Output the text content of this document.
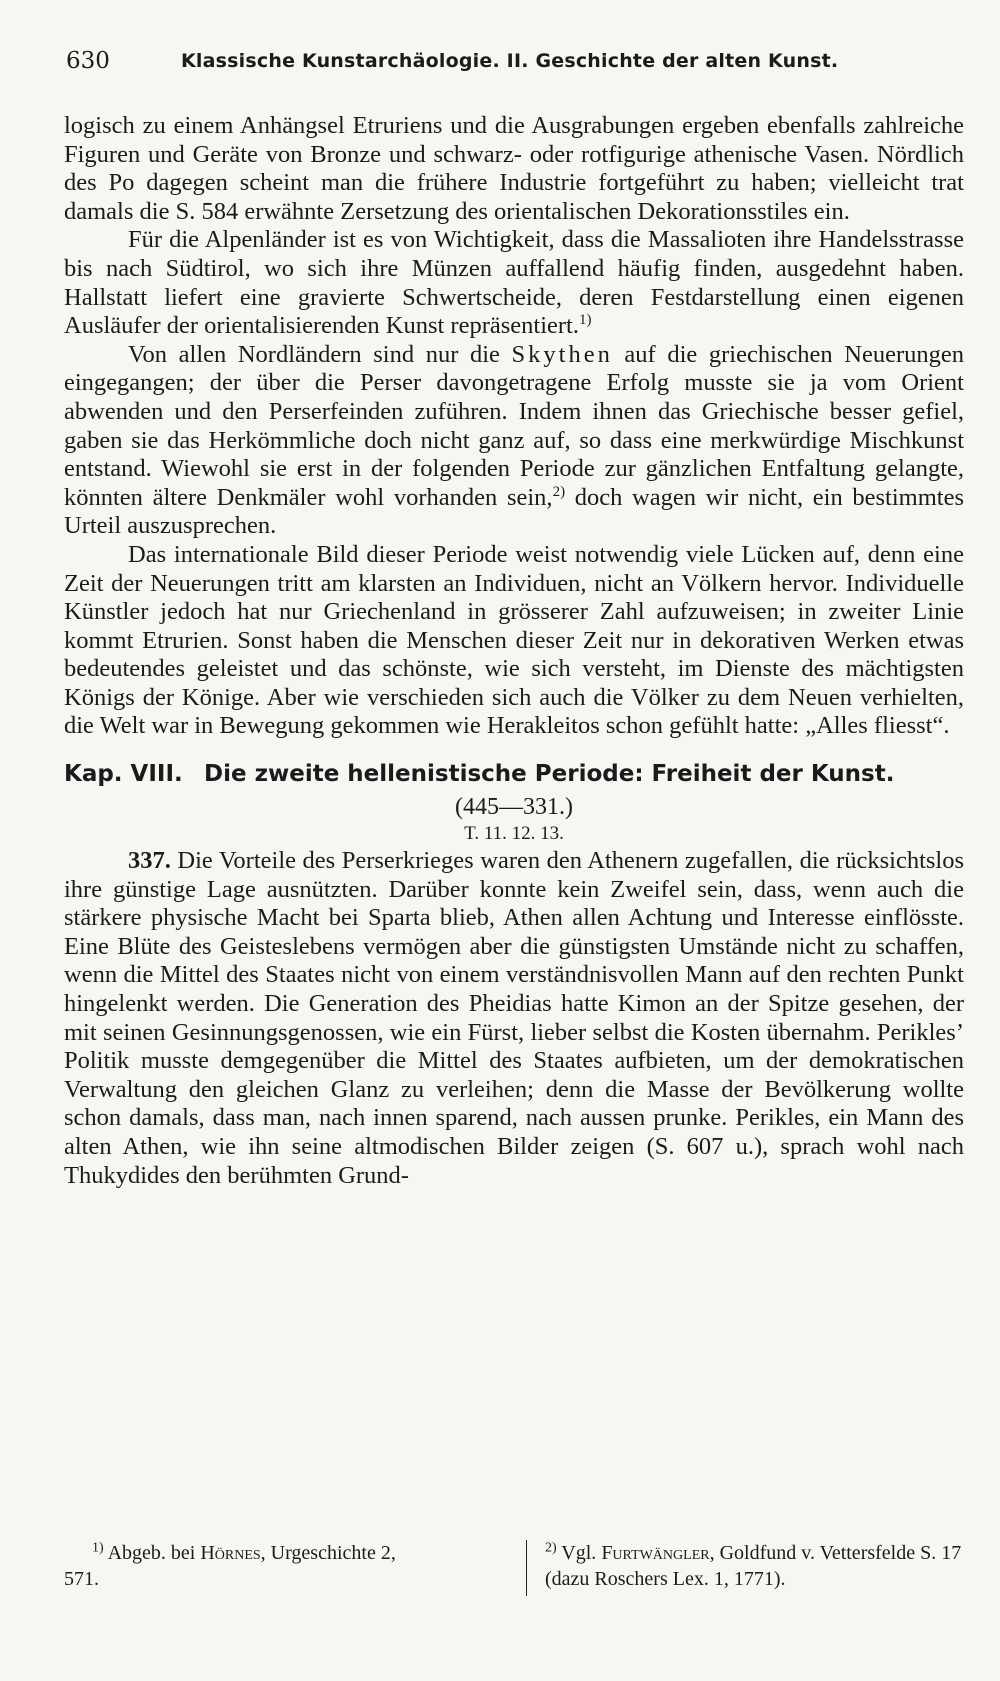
630	Klassische Kunstarchäologie. II. Geschichte der alten Kunst.

logisch zu einem Anhängsel Etruriens und die Ausgrabungen ergeben ebenfalls zahlreiche Figuren und Geräte von Bronze und schwarz- oder rotfigurige athenische Vasen. Nördlich des Po dagegen scheint man die frühere Industrie fortgeführt zu haben; vielleicht trat damals die S. 584 erwähnte Zersetzung des orientalischen Dekorationsstiles ein.

Für die Alpenländer ist es von Wichtigkeit, dass die Massalioten ihre Handelsstrasse bis nach Südtirol, wo sich ihre Münzen auffallend häufig finden, ausgedehnt haben. Hallstatt liefert eine gravierte Schwertscheide, deren Festdarstellung einen eigenen Ausläufer der orientalisierenden Kunst repräsentiert.$^{1)}$

Von allen Nordländern sind nur die Skythen auf die griechischen Neuerungen eingegangen; der über die Perser davongetragene Erfolg musste sie ja vom Orient abwenden und den Perserfeinden zuführen. Indem ihnen das Griechische besser gefiel, gaben sie das Herkömmliche doch nicht ganz auf, so dass eine merkwürdige Mischkunst entstand. Wiewohl sie erst in der folgenden Periode zur gänzlichen Entfaltung gelangte, könnten ältere Denkmäler wohl vorhanden sein,$^{2)}$ doch wagen wir nicht, ein bestimmtes Urteil auszusprechen.

Das internationale Bild dieser Periode weist notwendig viele Lücken auf, denn eine Zeit der Neuerungen tritt am klarsten an Individuen, nicht an Völkern hervor. Individuelle Künstler jedoch hat nur Griechenland in grösserer Zahl aufzuweisen; in zweiter Linie kommt Etrurien. Sonst haben die Menschen dieser Zeit nur in dekorativen Werken etwas bedeutendes geleistet und das schönste, wie sich versteht, im Dienste des mächtigsten Königs der Könige. Aber wie verschieden sich auch die Völker zu dem Neuen verhielten, die Welt war in Bewegung gekommen wie Herakleitos schon gefühlt hatte: „Alles fliesst“.

Kap. VIII. Die zweite hellenistische Periode: Freiheit der Kunst.
(445—331.)
T. 11. 12. 13.

337. Die Vorteile des Perserkrieges waren den Athenern zugefallen, die rücksichtslos ihre günstige Lage ausnützten. Darüber konnte kein Zweifel sein, dass, wenn auch die stärkere physische Macht bei Sparta blieb, Athen allen Achtung und Interesse einflösste. Eine Blüte des Geisteslebens vermögen aber die günstigsten Umstände nicht zu schaffen, wenn die Mittel des Staates nicht von einem verständnisvollen Mann auf den rechten Punkt hingelenkt werden. Die Generation des Pheidias hatte Kimon an der Spitze gesehen, der mit seinen Gesinnungsgenossen, wie ein Fürst, lieber selbst die Kosten übernahm. Perikles’ Politik musste demgegenüber die Mittel des Staates aufbieten, um der demokratischen Verwaltung den gleichen Glanz zu verleihen; denn die Masse der Bevölkerung wollte schon damals, dass man, nach innen sparend, nach aussen prunke. Perikles, ein Mann des alten Athen, wie ihn seine altmodischen Bilder zeigen (S. 607 u.), sprach wohl nach Thukydides den berühmten Grund-

$^{1)}$ Abgeb. bei Hörnes, Urgeschichte 2,
571.
$^{2)}$ Vgl. Furtwängler, Goldfund v. Vettersfelde S. 17 (dazu Roschers Lex. 1, 1771).
